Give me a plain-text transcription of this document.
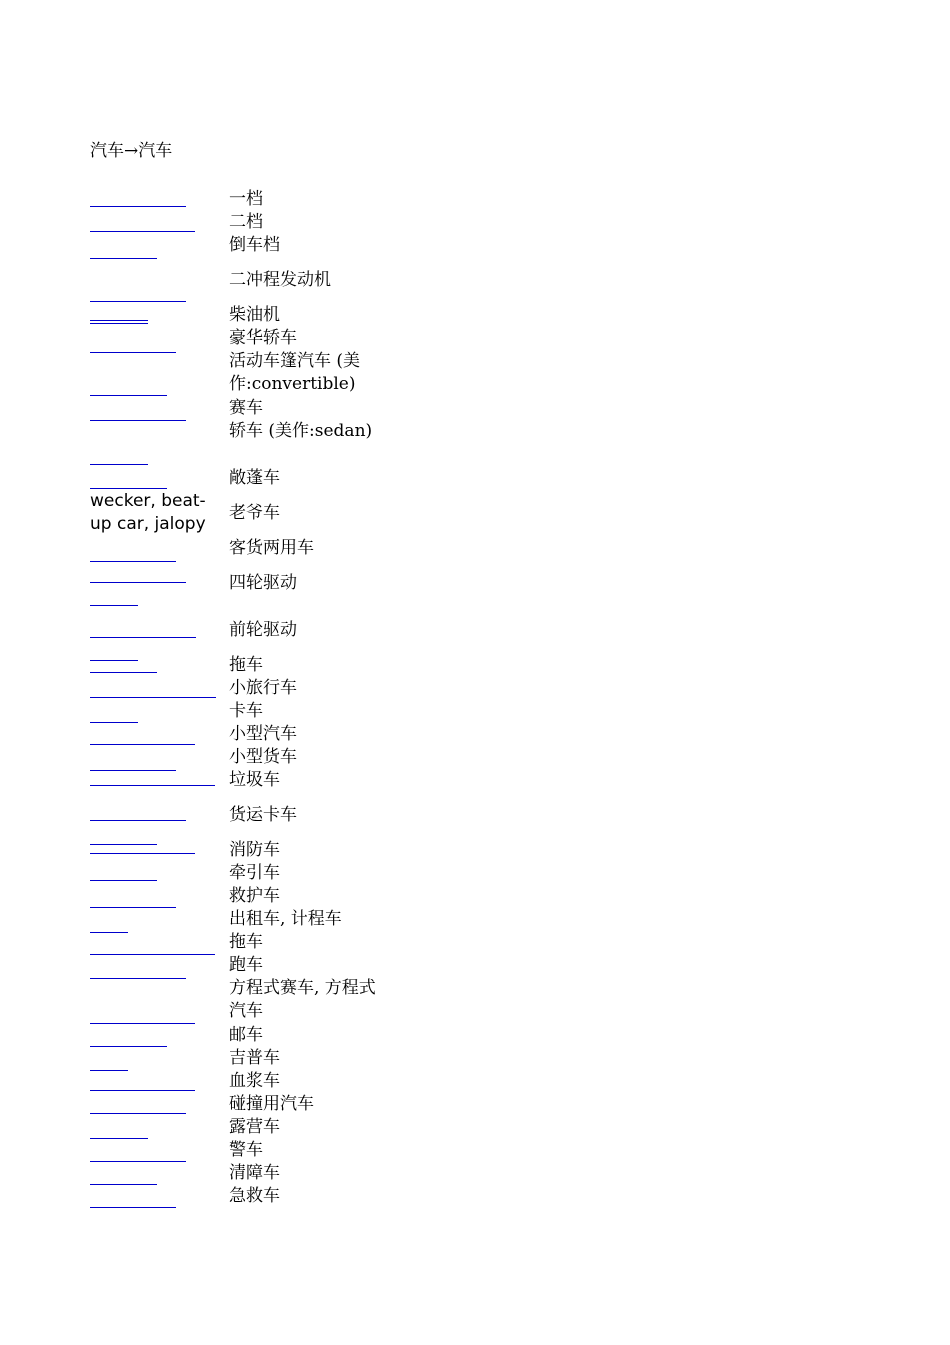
汽车→汽车
一档
二档
倒车档
二冲程发动机
柴油机
豪华轿车
活动车篷汽车 (美作:convertible)
赛车
轿车 (美作:sedan)
敞蓬车
wecker, beat-up car, jalopy
老爷车
客货两用车
四轮驱动
前轮驱动
拖车
小旅行车
卡车
小型汽车
小型货车
垃圾车
货运卡车
消防车
牵引车
救护车
出租车, 计程车
拖车
跑车
方程式赛车, 方程式汽车
邮车
吉普车
血浆车
碰撞用汽车
露营车
警车
清障车
急救车
